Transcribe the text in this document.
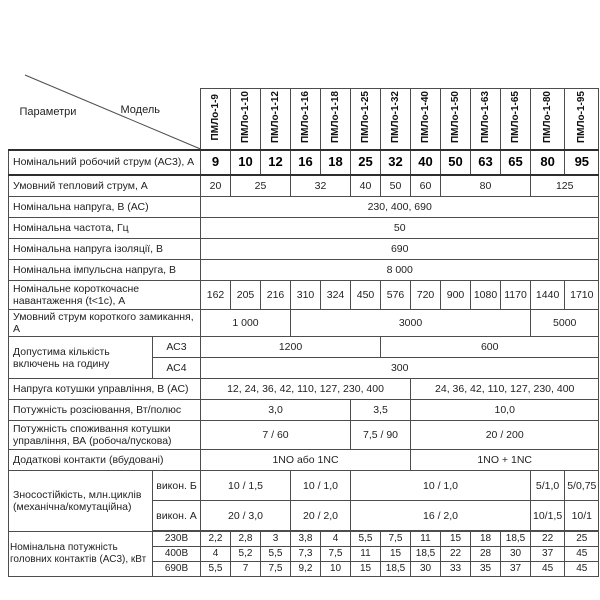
Параметри Модель		ПМЛо-1-9	ПМЛо-1-10	ПМЛо-1-12	ПМЛо-1-16	ПМЛо-1-18	ПМЛо-1-25	ПМЛо-1-32	ПМЛо-1-40	ПМЛо-1-50	ПМЛо-1-63	ПМЛо-1-65	ПМЛо-1-80	ПМЛо-1-95
Номінальний робочий струм (АС3), А		9	10	12	16	18	25	32	40	50	63	65	80	95
Умовний тепловий струм, А		20	25		32		40	50	60	80			125	
Номінальна напруга, В (АС)		230, 400, 690												
Номінальна частота, Гц		50												
Номінальна напруга ізоляції, В		690												
Номінальна імпульсна напруга, В		8 000												
Номінальне короткочасне навантаження (t<1с), А		162	205	216	310	324	450	576	720	900	1080	1170	1440	1710
Умовний струм короткого замикання, А		1 000			3000								5000	
Допустима кількість включень на годину	АС3	1200						600						
	АС4	300												
Напруга котушки управління, В (АС)		12, 24, 36, 42, 110, 127, 230, 400							24, 36, 42, 110, 127, 230, 400					
Потужність розсіювання, Вт/полюс		3,0					3,5		10,0					
Потужність споживання котушки управління, ВА (робоча/пускова)		7 / 60					7,5 / 90		20 / 200					
Додаткові контакти (вбудовані)		1NO або 1NC							1NO + 1NC					
Зносостійкість, млн.циклів (механічна/комутаційна)	викон. Б	10 / 1,5			10 / 1,0		10 / 1,0						5/1,0	5/0,75
	викон. А	20 / 3,0			20 / 2,0		16 / 2,0						10/1,5	10/1
Номінальна потужність головних контактів (АС3), кВт	230В	2,2	2,8	3	3,8	4	5,5	7,5	11	15	18	18,5	22	25
	400В	4	5,2	5,5	7,3	7,5	11	15	18,5	22	28	30	37	45
	690В	5,5	7	7,5	9,2	10	15	18,5	30	33	35	37	45	45
